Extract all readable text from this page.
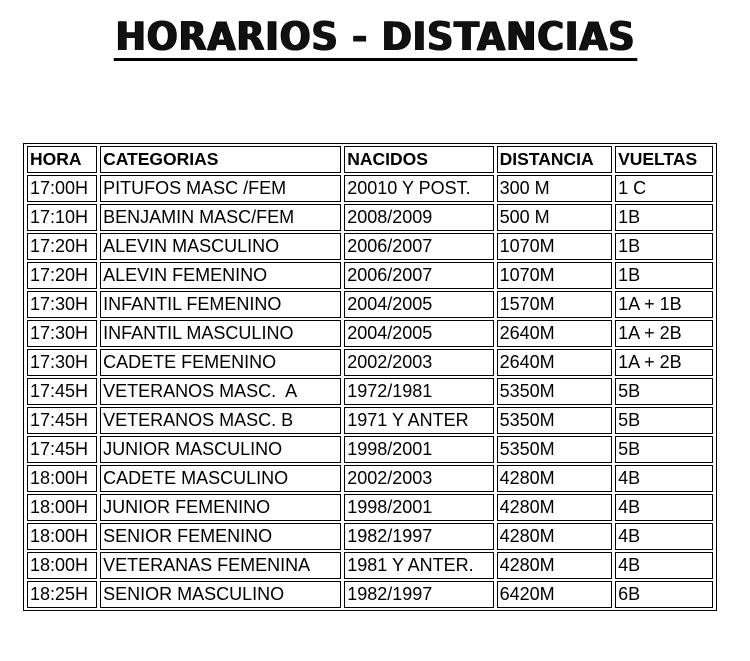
HORARIOS - DISTANCIAS
HORA	CATEGORIAS	NACIDOS	DISTANCIA	VUELTAS
17:00H	PITUFOS MASC /FEM	20010 Y POST.	300 M	1 C
17:10H	BENJAMIN MASC/FEM	2008/2009	500 M	1B
17:20H	ALEVIN MASCULINO	2006/2007	1070M	1B
17:20H	ALEVIN FEMENINO	2006/2007	1070M	1B
17:30H	INFANTIL FEMENINO	2004/2005	1570M	1A + 1B
17:30H	INFANTIL MASCULINO	2004/2005	2640M	1A + 2B
17:30H	CADETE FEMENINO	2002/2003	2640M	1A + 2B
17:45H	VETERANOS MASC.  A	1972/1981	5350M	5B
17:45H	VETERANOS MASC. B	1971 Y ANTER	5350M	5B
17:45H	JUNIOR MASCULINO	1998/2001	5350M	5B
18:00H	CADETE MASCULINO	2002/2003	4280M	4B
18:00H	JUNIOR FEMENINO	1998/2001	4280M	4B
18:00H	SENIOR FEMENINO	1982/1997	4280M	4B
18:00H	VETERANAS FEMENINA	1981 Y ANTER.	4280M	4B
18:25H	SENIOR MASCULINO	1982/1997	6420M	6B
